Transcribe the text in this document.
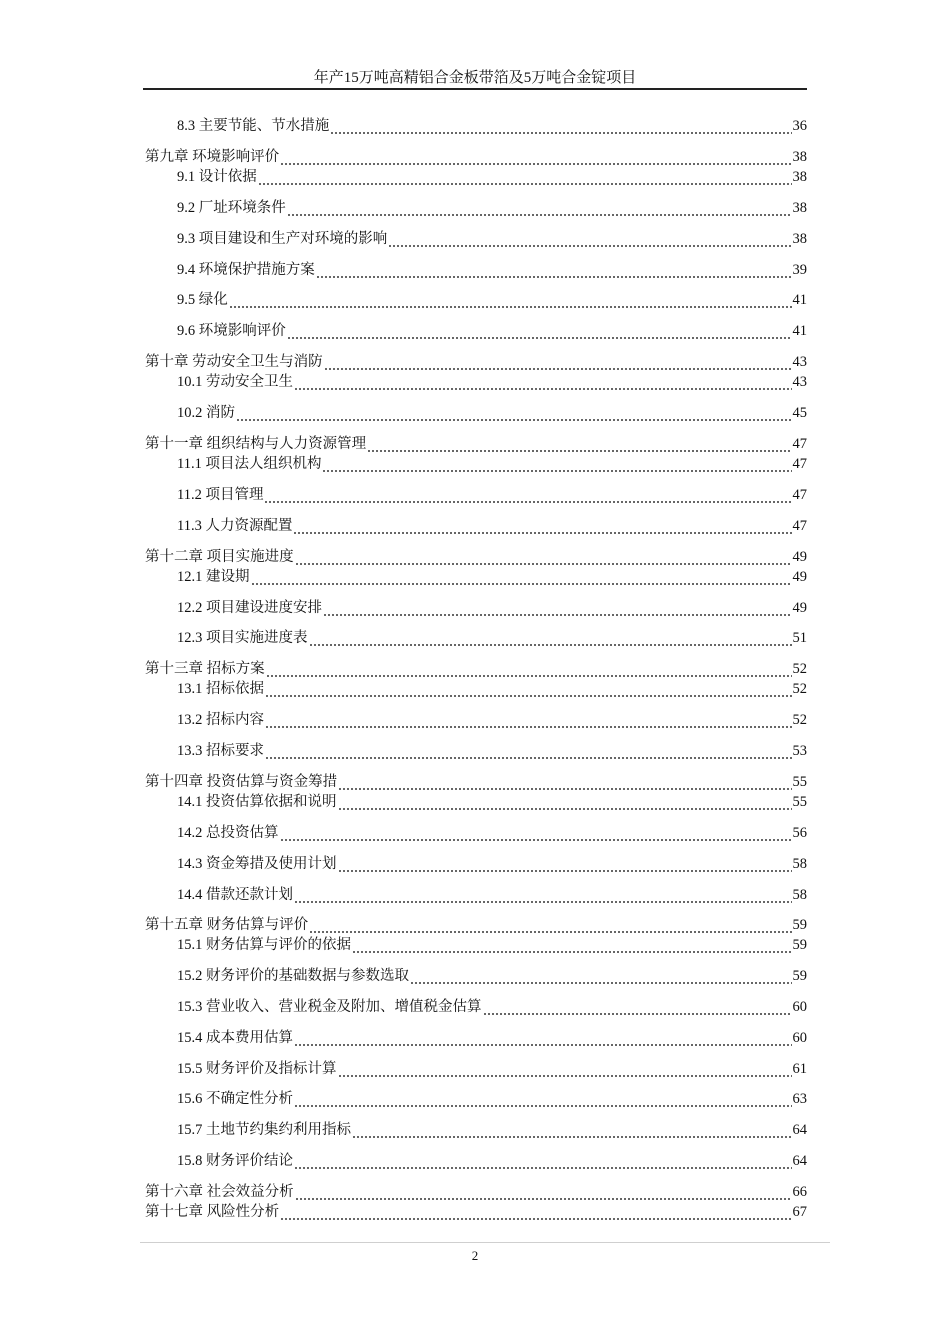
年产15万吨高精铝合金板带箔及5万吨合金锭项目
8.3 主要节能、节水措施	36
第九章 环境影响评价	38
9.1 设计依据	38
9.2 厂址环境条件	38
9.3 项目建设和生产对环境的影响	38
9.4 环境保护措施方案	39
9.5 绿化	41
9.6 环境影响评价	41
第十章 劳动安全卫生与消防	43
10.1 劳动安全卫生	43
10.2 消防	45
第十一章 组织结构与人力资源管理	47
11.1 项目法人组织机构	47
11.2 项目管理	47
11.3 人力资源配置	47
第十二章 项目实施进度	49
12.1 建设期	49
12.2 项目建设进度安排	49
12.3 项目实施进度表	51
第十三章 招标方案	52
13.1 招标依据	52
13.2 招标内容	52
13.3 招标要求	53
第十四章 投资估算与资金筹措	55
14.1 投资估算依据和说明	55
14.2 总投资估算	56
14.3 资金筹措及使用计划	58
14.4 借款还款计划	58
第十五章 财务估算与评价	59
15.1 财务估算与评价的依据	59
15.2 财务评价的基础数据与参数选取	59
15.3 营业收入、营业税金及附加、增值税金估算	60
15.4 成本费用估算	60
15.5 财务评价及指标计算	61
15.6 不确定性分析	63
15.7 土地节约集约利用指标	64
15.8 财务评价结论	64
第十六章 社会效益分析	66
第十七章 风险性分析	67
2
